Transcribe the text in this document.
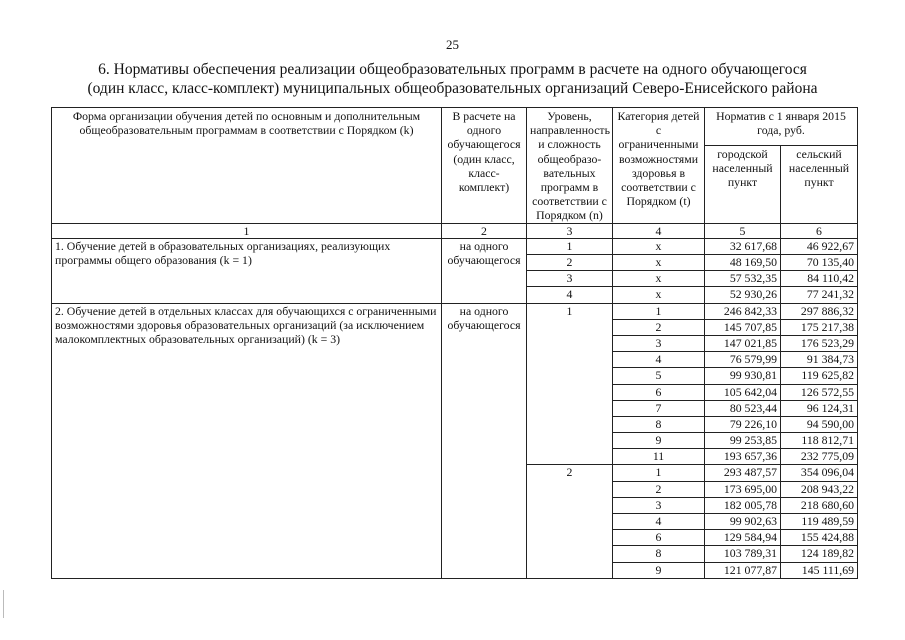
25
6. Нормативы обеспечения реализации общеобразовательных программ в расчете на одного обучающегося
(один класс, класс-комплект) муниципальных общеобразовательных организаций Северо-Енисейского района
Форма организации обучения детей по основным и дополнительным общеобразовательным программам в соответствии с Порядком (k)	В расчете на одного обучающегося (один класс, класс-комплект)	Уровень, направленность и сложность общеобразо-вательных программ в соответствии с Порядком (n)	Категория детей с ограниченными возможностями здоровья в соответствии с Порядком (t)	Норматив с 1 января 2015 года, руб.	
				городской населенный пункт	сельский населенный пункт
1	2	3	4	5	6
1. Обучение детей в образовательных организациях, реализующих программы общего образования (k = 1)	на одного обучающегося	1	x	32 617,68	46 922,67
		2	x	48 169,50	70 135,40
		3	x	57 532,35	84 110,42
		4	x	52 930,26	77 241,32
2. Обучение детей в отдельных классах для обучающихся с ограниченными возможностями здоровья образовательных организаций (за исключением малокомплектных образовательных организаций) (k = 3)	на одного обучающегося	1	1	246 842,33	297 886,32
			2	145 707,85	175 217,38
			3	147 021,85	176 523,29
			4	76 579,99	91 384,73
			5	99 930,81	119 625,82
			6	105 642,04	126 572,55
			7	80 523,44	96 124,31
			8	79 226,10	94 590,00
			9	99 253,85	118 812,71
			11	193 657,36	232 775,09
		2	1	293 487,57	354 096,04
			2	173 695,00	208 943,22
			3	182 005,78	218 680,60
			4	99 902,63	119 489,59
			6	129 584,94	155 424,88
			8	103 789,31	124 189,82
			9	121 077,87	145 111,69
